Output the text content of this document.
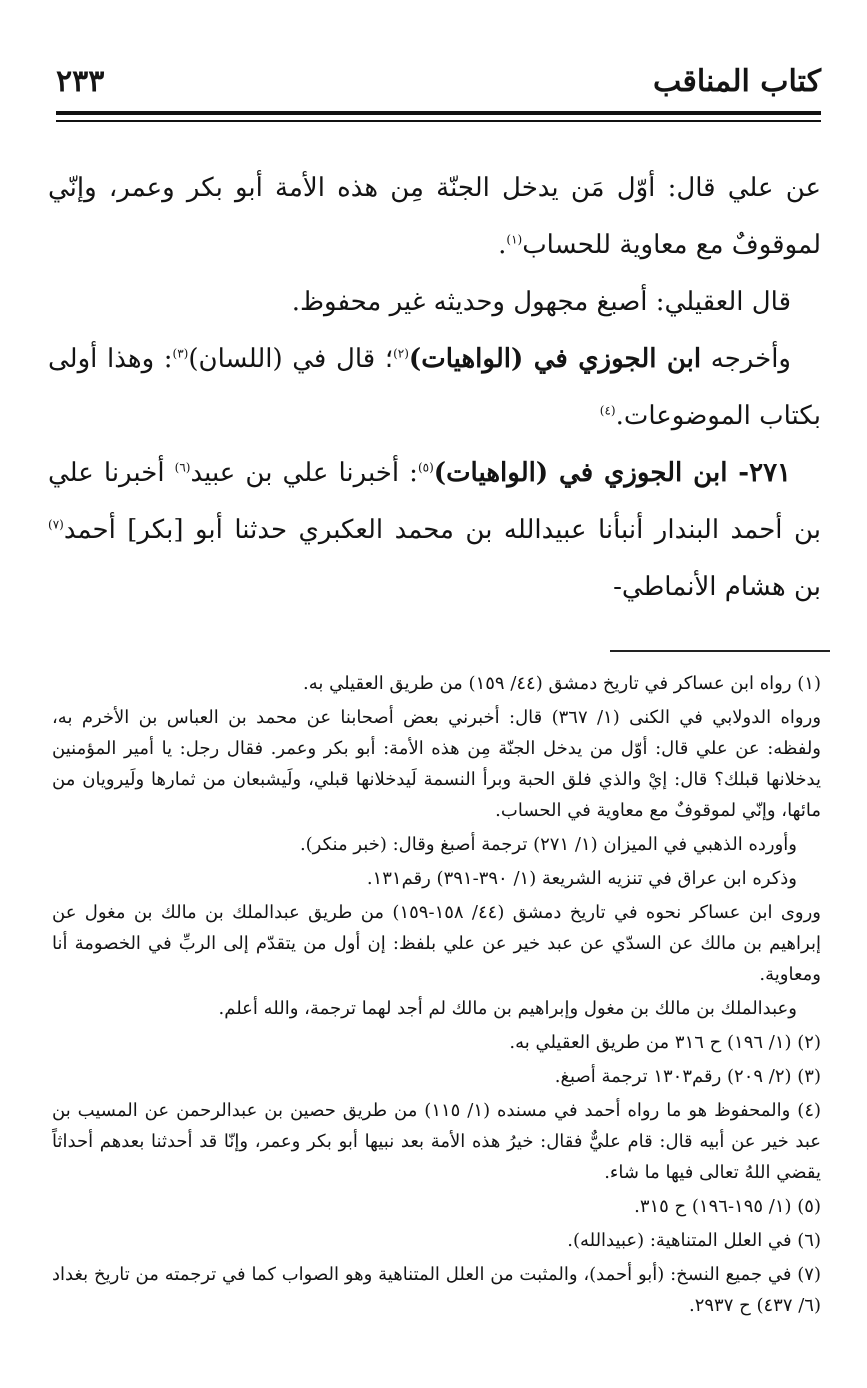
كتاب المناقب
٢٣٣

عن علي قال: أوّل مَن يدخل الجنّة مِن هذه الأمة أبو بكر وعمر، وإنّي لموقوفٌ مع معاوية للحساب$^{(١)}$.

قال العقيلي: أصبغ مجهول وحديثه غير محفوظ.

وأخرجه ابن الجوزي في (الواهيات)$^{(٢)}$؛ قال في (اللسان)$^{(٣)}$: وهذا أولى بكتاب الموضوعات.$^{(٤)}$

٢٧١- ابن الجوزي في (الواهيات)$^{(٥)}$: أخبرنا علي بن عبيد$^{(٦)}$ أخبرنا علي بن أحمد البندار أنبأنا عبيدالله بن محمد العكبري حدثنا أبو [بكر] أحمد$^{(٧)}$ بن هشام الأنماطي-

(١) رواه ابن عساكر في تاريخ دمشق (٤٤/ ١٥٩) من طريق العقيلي به.

ورواه الدولابي في الكنى (١/ ٣٦٧) قال: أخبرني بعض أصحابنا عن محمد بن العباس بن الأخرم به، ولفظه: عن علي قال: أوّل من يدخل الجنّة مِن هذه الأمة: أبو بكر وعمر. فقال رجل: يا أمير المؤمنين يدخلانها قبلك؟ قال: إيْ والذي فلق الحبة وبرأ النسمة لَيدخلانها قبلي، ولَيشبعان من ثمارها ولَيرويان من مائها، وإنّي لموقوفٌ مع معاوية في الحساب.

وأورده الذهبي في الميزان (١/ ٢٧١) ترجمة أصبغ وقال: (خبر منكر).

وذكره ابن عراق في تنزيه الشريعة (١/ ٣٩٠-٣٩١) رقم١٣١.

وروى ابن عساكر نحوه في تاريخ دمشق (٤٤/ ١٥٨-١٥٩) من طريق عبدالملك بن مالك بن مغول عن إبراهيم بن مالك عن السدّي عن عبد خير عن علي بلفظ: إن أول من يتقدّم إلى الربِّ في الخصومة أنا ومعاوية.

وعبدالملك بن مالك بن مغول وإبراهيم بن مالك لم أجد لهما ترجمة، والله أعلم.

(٢) (١/ ١٩٦) ح ٣١٦ من طريق العقيلي به.

(٣) (٢/ ٢٠٩) رقم١٣٠٣ ترجمة أصبغ.

(٤) والمحفوظ هو ما رواه أحمد في مسنده (١/ ١١٥) من طريق حصين بن عبدالرحمن عن المسيب بن عبد خير عن أبيه قال: قام عليٌّ فقال: خيرُ هذه الأمة بعد نبيها أبو بكر وعمر، وإنّا قد أحدثنا بعدهم أحداثاً يقضي اللهُ تعالى فيها ما شاء.

(٥) (١/ ١٩٥-١٩٦) ح ٣١٥.

(٦) في العلل المتناهية: (عبيدالله).

(٧) في جميع النسخ: (أبو أحمد)، والمثبت من العلل المتناهية وهو الصواب كما في ترجمته من تاريخ بغداد (٦/ ٤٣٧) ح ٢٩٣٧.
